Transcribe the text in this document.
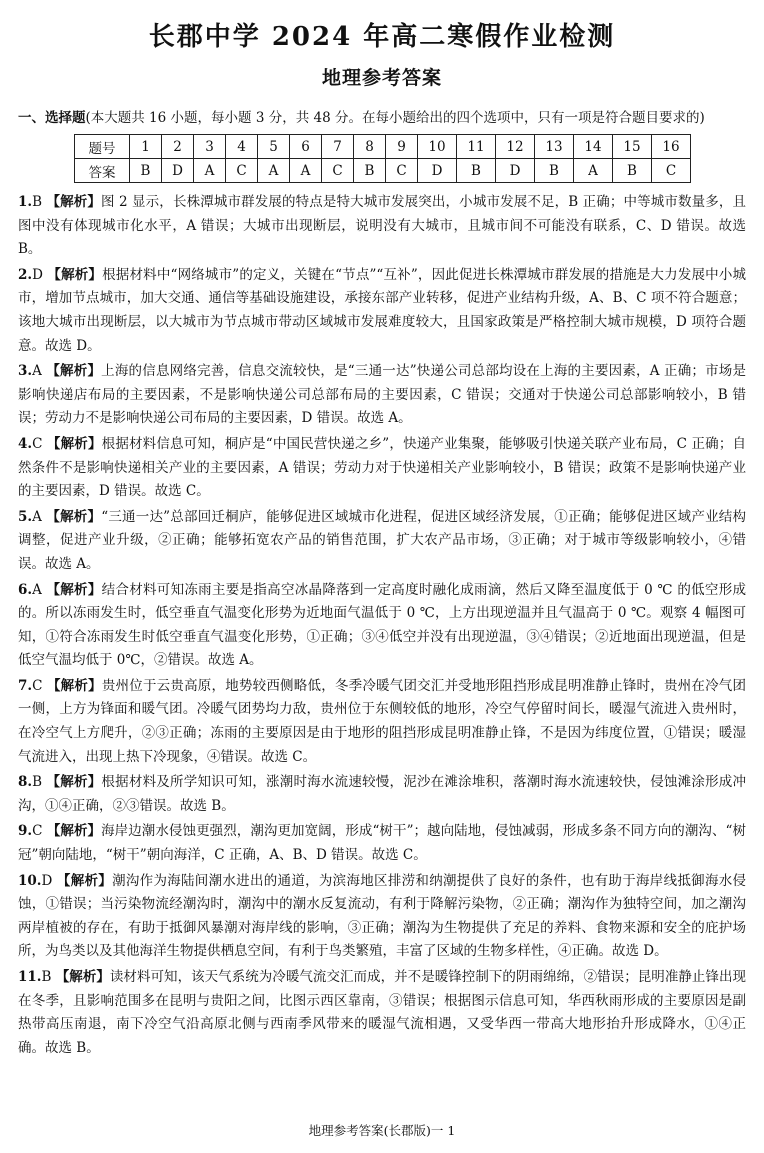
长郡中学 2024 年高二寒假作业检测
地理参考答案
一、选择题(本大题共 16 小题，每小题 3 分，共 48 分。在每小题给出的四个选项中，只有一项是符合题目要求的)
题号	1	2	3	4	5	6	7	8	9	10	11	12	13	14	15	16
答案	B	D	A	C	A	A	C	B	C	D	B	D	B	A	B	C
1.B 【解析】图 2 显示，长株潭城市群发展的特点是特大城市发展突出，小城市发展不足，B 正确；中等城市数量多，且图中没有体现城市化水平，A 错误；大城市出现断层，说明没有大城市，且城市间不可能没有联系，C、D 错误。故选 B。
2.D 【解析】根据材料中“网络城市”的定义，关键在“节点”“互补”，因此促进长株潭城市群发展的措施是大力发展中小城市，增加节点城市，加大交通、通信等基础设施建设，承接东部产业转移，促进产业结构升级，A、B、C 项不符合题意；该地大城市出现断层，以大城市为节点城市带动区域城市发展难度较大，且国家政策是严格控制大城市规模，D 项符合题意。故选 D。
3.A 【解析】上海的信息网络完善，信息交流较快，是“三通一达”快递公司总部均设在上海的主要因素，A 正确；市场是影响快递店布局的主要因素，不是影响快递公司总部布局的主要因素，C 错误；交通对于快递公司总部影响较小，B 错误；劳动力不是影响快递公司布局的主要因素，D 错误。故选 A。
4.C 【解析】根据材料信息可知，桐庐是“中国民营快递之乡”，快递产业集聚，能够吸引快递关联产业布局，C 正确；自然条件不是影响快递相关产业的主要因素，A 错误；劳动力对于快递相关产业影响较小，B 错误；政策不是影响快递产业的主要因素，D 错误。故选 C。
5.A 【解析】“三通一达”总部回迁桐庐，能够促进区域城市化进程，促进区域经济发展，①正确；能够促进区域产业结构调整，促进产业升级，②正确；能够拓宽农产品的销售范围，扩大农产品市场，③正确；对于城市等级影响较小，④错误。故选 A。
6.A 【解析】结合材料可知冻雨主要是指高空冰晶降落到一定高度时融化成雨滴，然后又降至温度低于 0 ℃ 的低空形成的。所以冻雨发生时，低空垂直气温变化形势为近地面气温低于 0 ℃，上方出现逆温并且气温高于 0 ℃。观察 4 幅图可知，①符合冻雨发生时低空垂直气温变化形势，①正确；③④低空并没有出现逆温，③④错误；②近地面出现逆温，但是低空气温均低于 0℃，②错误。故选 A。
7.C 【解析】贵州位于云贵高原，地势较西侧略低，冬季冷暖气团交汇并受地形阻挡形成昆明准静止锋时，贵州在冷气团一侧，上方为锋面和暖气团。冷暖气团势均力敌，贵州位于东侧较低的地形，冷空气停留时间长，暖湿气流进入贵州时，在冷空气上方爬升，②③正确；冻雨的主要原因是由于地形的阻挡形成昆明准静止锋，不是因为纬度位置，①错误；暖湿气流进入，出现上热下冷现象，④错误。故选 C。
8.B 【解析】根据材料及所学知识可知，涨潮时海水流速较慢，泥沙在滩涂堆积，落潮时海水流速较快，侵蚀滩涂形成冲沟，①④正确，②③错误。故选 B。
9.C 【解析】海岸边潮水侵蚀更强烈，潮沟更加宽阔，形成“树干”；越向陆地，侵蚀减弱，形成多条不同方向的潮沟、“树冠”朝向陆地，“树干”朝向海洋，C 正确，A、B、D 错误。故选 C。
10.D 【解析】潮沟作为海陆间潮水进出的通道，为滨海地区排涝和纳潮提供了良好的条件，也有助于海岸线抵御海水侵蚀，①错误；当污染物流经潮沟时，潮沟中的潮水反复流动，有利于降解污染物，②正确；潮沟作为独特空间，加之潮沟两岸植被的存在，有助于抵御风暴潮对海岸线的影响，③正确；潮沟为生物提供了充足的养料、食物来源和安全的庇护场所，为鸟类以及其他海洋生物提供栖息空间，有利于鸟类繁殖，丰富了区域的生物多样性，④正确。故选 D。
11.B 【解析】读材料可知，该天气系统为冷暖气流交汇而成，并不是暖锋控制下的阴雨绵绵，②错误；昆明准静止锋出现在冬季，且影响范围多在昆明与贵阳之间，比图示西区靠南，③错误；根据图示信息可知，华西秋雨形成的主要原因是副热带高压南退，南下冷空气沿高原北侧与西南季风带来的暖湿气流相遇，又受华西一带高大地形抬升形成降水，①④正确。故选 B。
地理参考答案(长郡版)一 1
